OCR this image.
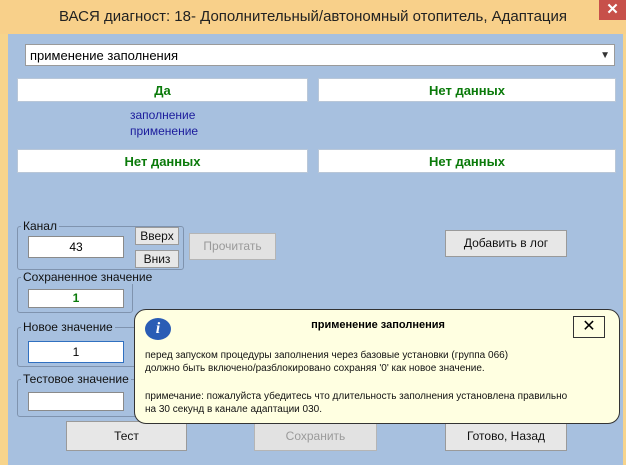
ВАСЯ диагност: 18- Дополнительный/автономный отопитель, Адаптация	✕
применение заполнения	▼
Да	Нет данных
заполнение
применение
Нет данных	Нет данных
Канал
43
Вверх
Вниз
Прочитать	Добавить в лог
Сохраненное значение
1
Новое значение
1
Тестовое значение
Тест	Сохранить	Готово, Назад
i	применение заполнения	✕
перед запуском процедуры заполнения через базовые установки (группа 066)
должно быть включено/разблокировано сохраняя '0' как новое значение.
примечание: пожалуйста убедитесь что длительность заполнения установлена правильно
на 30 секунд в канале адаптации 030.
